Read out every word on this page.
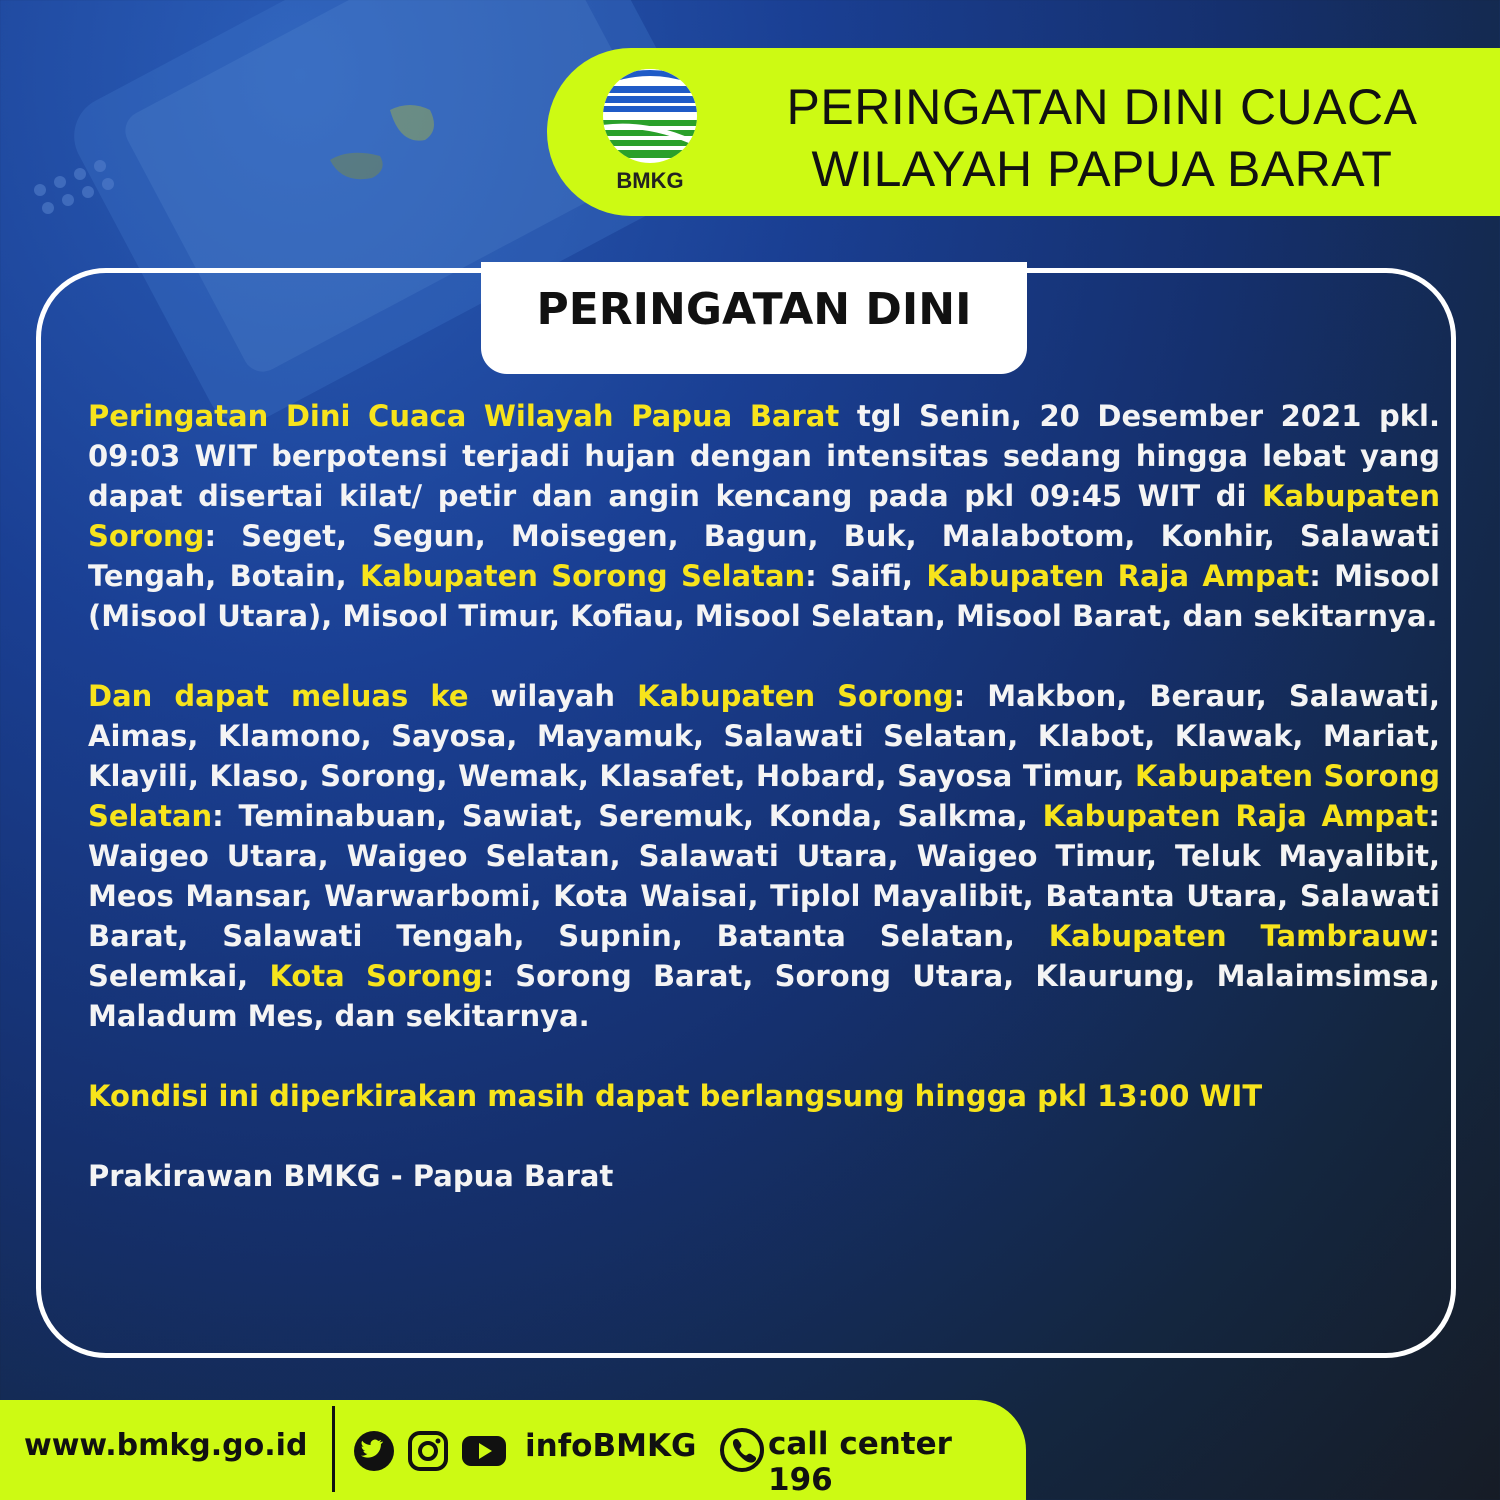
BMKG
PERINGATAN DINI CUACA
WILAYAH PAPUA BARAT
PERINGATAN DINI

Peringatan Dini Cuaca Wilayah Papua Barat tgl Senin, 20 Desember 2021 pkl. 09:03 WIT berpotensi terjadi hujan dengan intensitas sedang hingga lebat yang dapat disertai kilat/ petir dan angin kencang pada pkl 09:45 WIT di Kabupaten Sorong: Seget, Segun, Moisegen, Bagun, Buk, Malabotom, Konhir, Salawati Tengah, Botain, Kabupaten Sorong Selatan: Saifi, Kabupaten Raja Ampat: Misool (Misool Utara), Misool Timur, Kofiau, Misool Selatan, Misool Barat, dan sekitarnya.

Dan dapat meluas ke wilayah Kabupaten Sorong: Makbon, Beraur, Salawati, Aimas, Klamono, Sayosa, Mayamuk, Salawati Selatan, Klabot, Klawak, Mariat, Klayili, Klaso, Sorong, Wemak, Klasafet, Hobard, Sayosa Timur, Kabupaten Sorong Selatan: Teminabuan, Sawiat, Seremuk, Konda, Salkma, Kabupaten Raja Ampat: Waigeo Utara, Waigeo Selatan, Salawati Utara, Waigeo Timur, Teluk Mayalibit, Meos Mansar, Warwarbomi, Kota Waisai, Tiplol Mayalibit, Batanta Utara, Salawati Barat, Salawati Tengah, Supnin, Batanta Selatan, Kabupaten Tambrauw: Selemkai, Kota Sorong: Sorong Barat, Sorong Utara, Klaurung, Malaimsimsa, Maladum Mes, dan sekitarnya.

Kondisi ini diperkirakan masih dapat berlangsung hingga pkl 13:00 WIT

Prakirawan BMKG - Papua Barat

www.bmkg.go.id	infoBMKG call center 196
